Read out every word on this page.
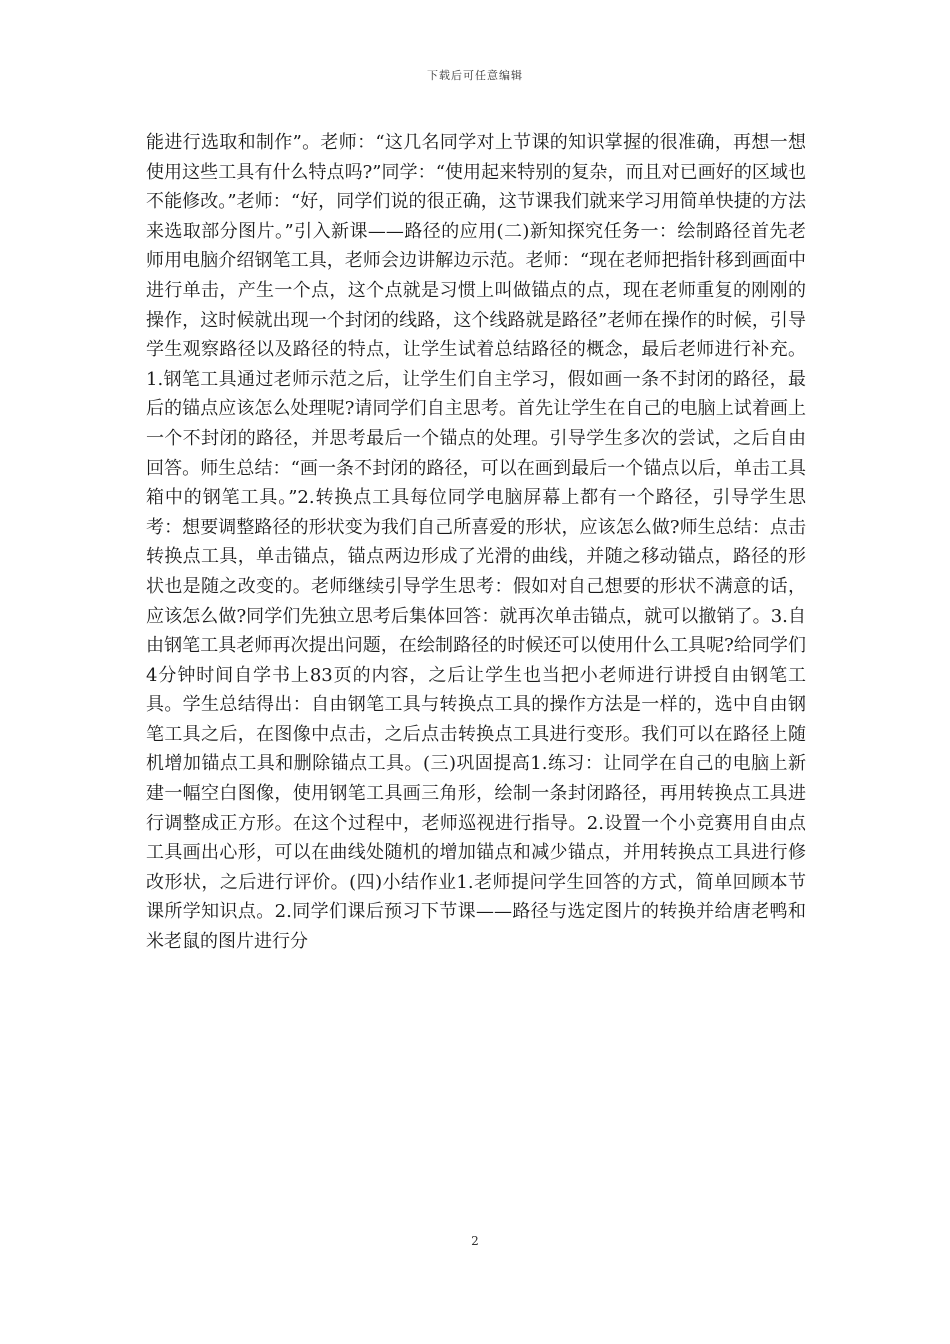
下载后可任意编辑

能进行选取和制作”。老师：“这几名同学对上节课的知识掌握的很准确，再想一想使用这些工具有什么特点吗?”同学：“使用起来特别的复杂，而且对已画好的区域也不能修改。”老师：“好，同学们说的很正确，这节课我们就来学习用简单快捷的方法来选取部分图片。”引入新课——路径的应用(二)新知探究任务一：绘制路径首先老师用电脑介绍钢笔工具，老师会边讲解边示范。老师：“现在老师把指针移到画面中进行单击，产生一个点，这个点就是习惯上叫做锚点的点，现在老师重复的刚刚的操作，这时候就出现一个封闭的线路，这个线路就是路径”老师在操作的时候，引导学生观察路径以及路径的特点，让学生试着总结路径的概念，最后老师进行补充。1.钢笔工具通过老师示范之后，让学生们自主学习，假如画一条不封闭的路径，最后的锚点应该怎么处理呢?请同学们自主思考。首先让学生在自己的电脑上试着画上一个不封闭的路径，并思考最后一个锚点的处理。引导学生多次的尝试，之后自由回答。师生总结：“画一条不封闭的路径，可以在画到最后一个锚点以后，单击工具箱中的钢笔工具。”2.转换点工具每位同学电脑屏幕上都有一个路径，引导学生思考：想要调整路径的形状变为我们自己所喜爱的形状，应该怎么做?师生总结：点击转换点工具，单击锚点，锚点两边形成了光滑的曲线，并随之移动锚点，路径的形状也是随之改变的。老师继续引导学生思考：假如对自己想要的形状不满意的话，应该怎么做?同学们先独立思考后集体回答：就再次单击锚点，就可以撤销了。3.自由钢笔工具老师再次提出问题，在绘制路径的时候还可以使用什么工具呢?给同学们4分钟时间自学书上83页的内容，之后让学生也当把小老师进行讲授自由钢笔工具。学生总结得出：自由钢笔工具与转换点工具的操作方法是一样的，选中自由钢笔工具之后，在图像中点击，之后点击转换点工具进行变形。我们可以在路径上随机增加锚点工具和删除锚点工具。(三)巩固提高1.练习：让同学在自己的电脑上新建一幅空白图像，使用钢笔工具画三角形，绘制一条封闭路径，再用转换点工具进行调整成正方形。在这个过程中，老师巡视进行指导。2.设置一个小竞赛用自由点工具画出心形，可以在曲线处随机的增加锚点和减少锚点，并用转换点工具进行修改形状，之后进行评价。(四)小结作业1.老师提问学生回答的方式，简单回顾本节课所学知识点。2.同学们课后预习下节课——路径与选定图片的转换并给唐老鸭和米老鼠的图片进行分

2
